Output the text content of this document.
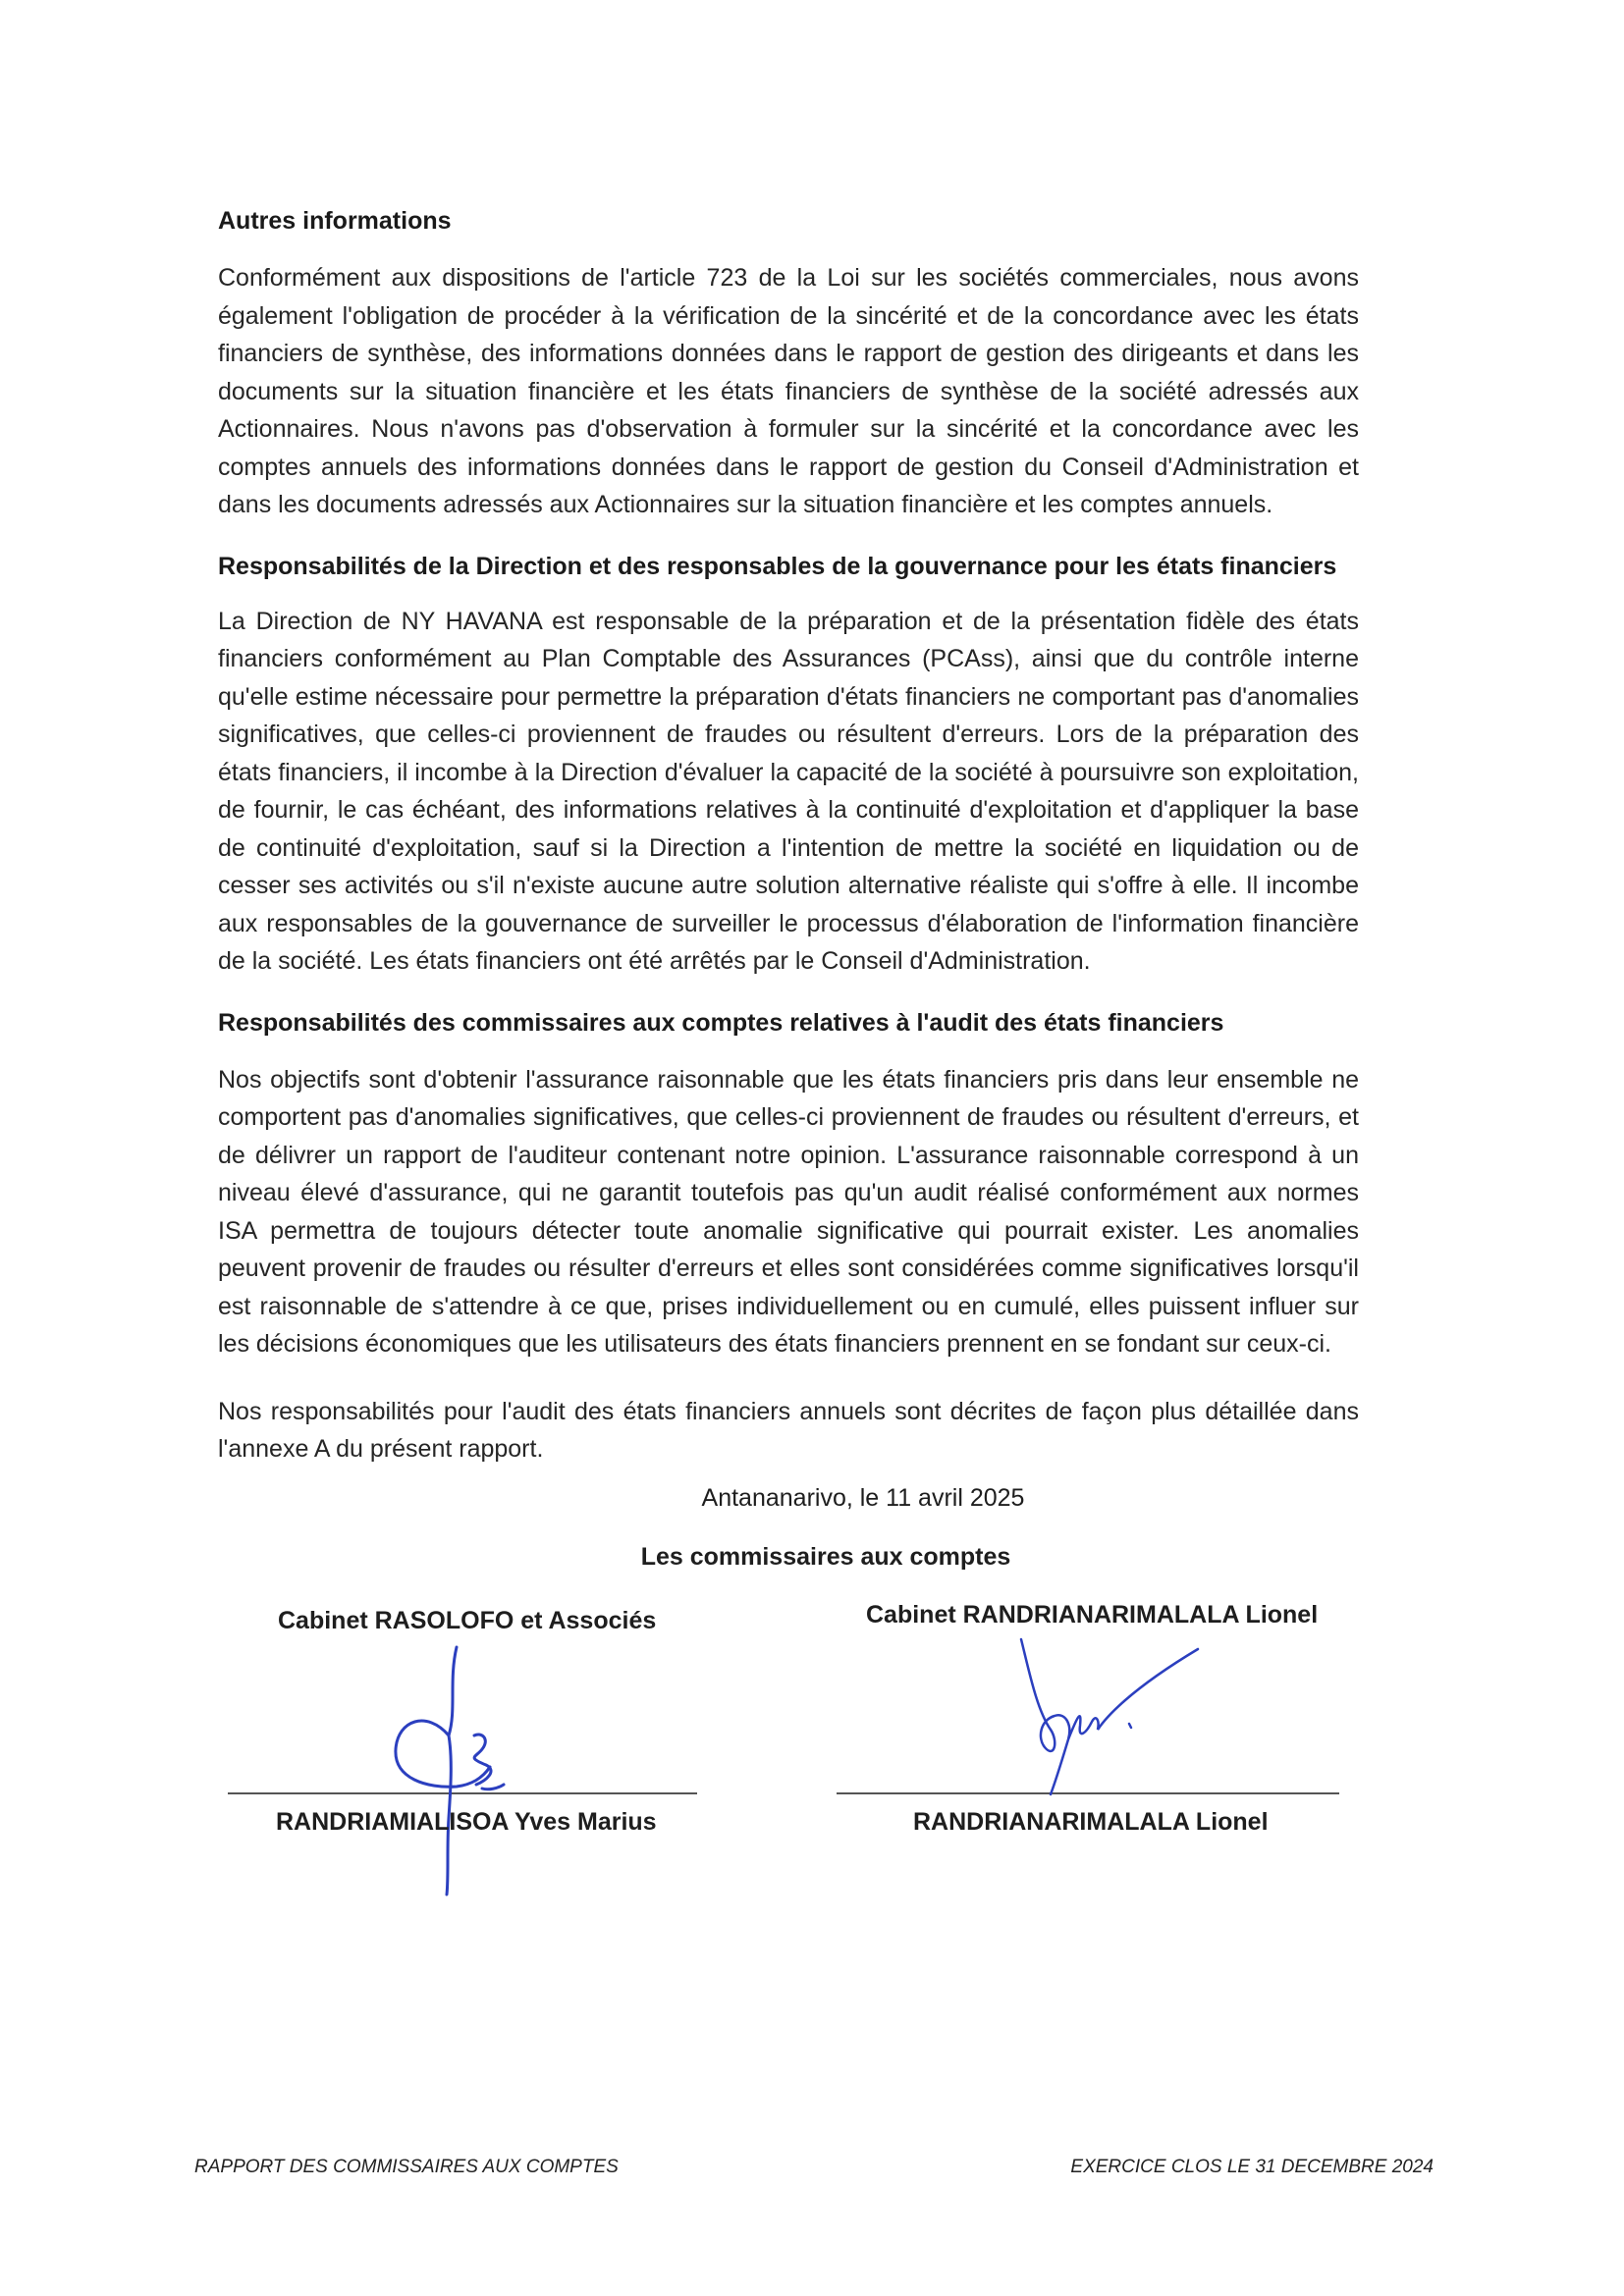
Autres informations

Conformément aux dispositions de l'article 723 de la Loi sur les sociétés commerciales, nous avons également l'obligation de procéder à la vérification de la sincérité et de la concordance avec les états financiers de synthèse, des informations données dans le rapport de gestion des dirigeants et dans les documents sur la situation financière et les états financiers de synthèse de la société adressés aux Actionnaires. Nous n'avons pas d'observation à formuler sur la sincérité et la concordance avec les comptes annuels des informations données dans le rapport de gestion du Conseil d'Administration et dans les documents adressés aux Actionnaires sur la situation financière et les comptes annuels.

Responsabilités de la Direction et des responsables de la gouvernance pour les états financiers

La Direction de NY HAVANA est responsable de la préparation et de la présentation fidèle des états financiers conformément au Plan Comptable des Assurances (PCAss), ainsi que du contrôle interne qu'elle estime nécessaire pour permettre la préparation d'états financiers ne comportant pas d'anomalies significatives, que celles-ci proviennent de fraudes ou résultent d'erreurs. Lors de la préparation des états financiers, il incombe à la Direction d'évaluer la capacité de la société à poursuivre son exploitation, de fournir, le cas échéant, des informations relatives à la continuité d'exploitation et d'appliquer la base de continuité d'exploitation, sauf si la Direction a l'intention de mettre la société en liquidation ou de cesser ses activités ou s'il n'existe aucune autre solution alternative réaliste qui s'offre à elle. Il incombe aux responsables de la gouvernance de surveiller le processus d'élaboration de l'information financière de la société. Les états financiers ont été arrêtés par le Conseil d'Administration.

Responsabilités des commissaires aux comptes relatives à l'audit des états financiers

Nos objectifs sont d'obtenir l'assurance raisonnable que les états financiers pris dans leur ensemble ne comportent pas d'anomalies significatives, que celles-ci proviennent de fraudes ou résultent d'erreurs, et de délivrer un rapport de l'auditeur contenant notre opinion. L'assurance raisonnable correspond à un niveau élevé d'assurance, qui ne garantit toutefois pas qu'un audit réalisé conformément aux normes ISA permettra de toujours détecter toute anomalie significative qui pourrait exister. Les anomalies peuvent provenir de fraudes ou résulter d'erreurs et elles sont considérées comme significatives lorsqu'il est raisonnable de s'attendre à ce que, prises individuellement ou en cumulé, elles puissent influer sur les décisions économiques que les utilisateurs des états financiers prennent en se fondant sur ceux-ci.

Nos responsabilités pour l'audit des états financiers annuels sont décrites de façon plus détaillée dans l'annexe A du présent rapport.

Antananarivo, le 11 avril 2025
Les commissaires aux comptes
Cabinet RASOLOFO et Associés	Cabinet RANDRIANARIMALALA Lionel
RANDRIAMIALISOA Yves Marius	RANDRIANARIMALALA Lionel
RAPPORT DES COMMISSAIRES AUX COMPTES	EXERCICE CLOS LE 31 DECEMBRE 2024
